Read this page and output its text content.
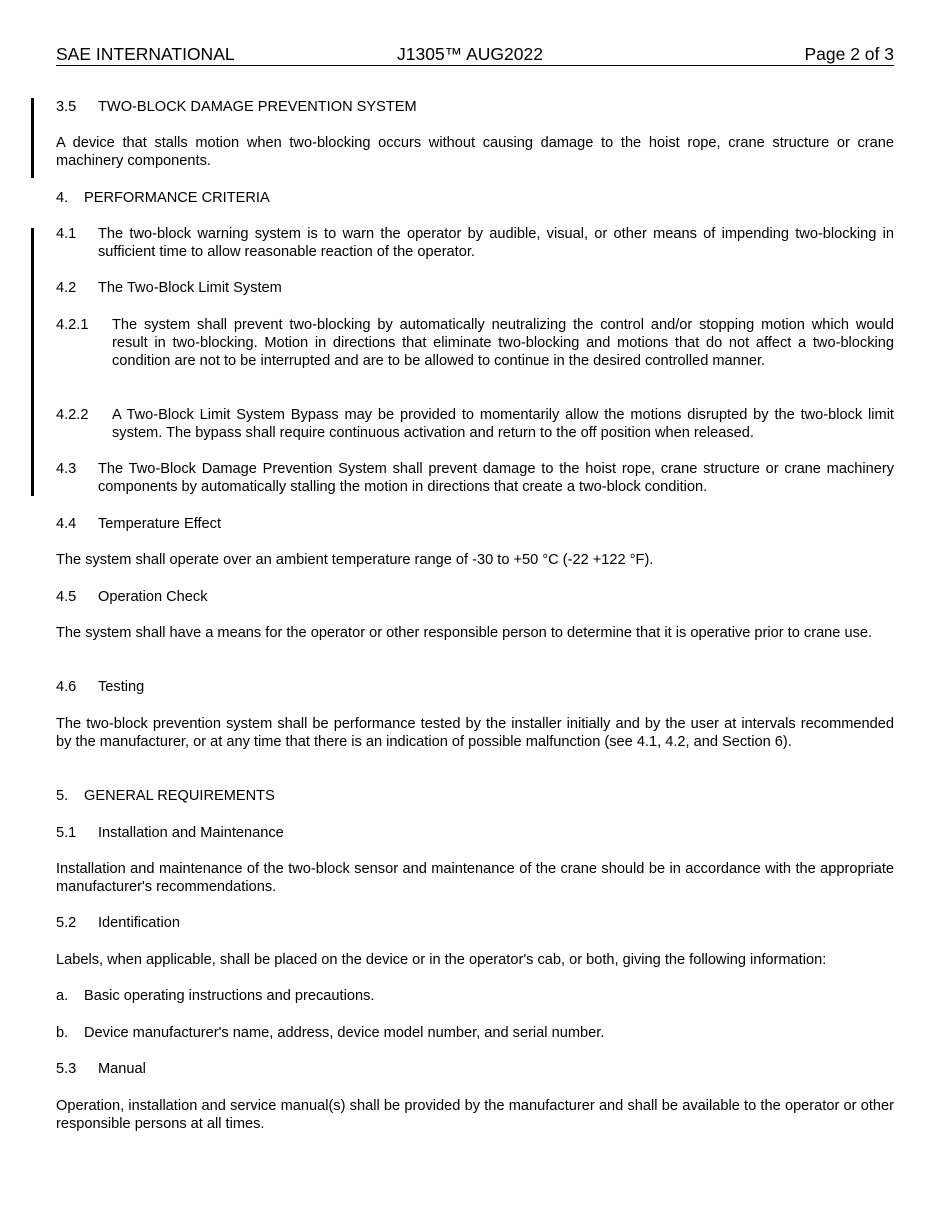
SAE INTERNATIONAL	J1305™ AUG2022	Page 2 of 3
3.5 TWO-BLOCK DAMAGE PREVENTION SYSTEM

A device that stalls motion when two-blocking occurs without causing damage to the hoist rope, crane structure or crane machinery components.

4. PERFORMANCE CRITERIA
4.1 The two-block warning system is to warn the operator by audible, visual, or other means of impending two-blocking in sufficient time to allow reasonable reaction of the operator.

4.2 The Two-Block Limit System
4.2.1 The system shall prevent two-blocking by automatically neutralizing the control and/or stopping motion which would result in two-blocking. Motion in directions that eliminate two-blocking and motions that do not affect a two-blocking condition are not to be interrupted and are to be allowed to continue in the desired controlled manner.

4.2.2 A Two-Block Limit System Bypass may be provided to momentarily allow the motions disrupted by the two-block limit system. The bypass shall require continuous activation and return to the off position when released.

4.3 The Two-Block Damage Prevention System shall prevent damage to the hoist rope, crane structure or crane machinery components by automatically stalling the motion in directions that create a two-block condition.

4.4 Temperature Effect

The system shall operate over an ambient temperature range of -30 to +50 °C (-22 +122 °F).

4.5 Operation Check

The system shall have a means for the operator or other responsible person to determine that it is operative prior to crane use.

4.6 Testing

The two-block prevention system shall be performance tested by the installer initially and by the user at intervals recommended by the manufacturer, or at any time that there is an indication of possible malfunction (see 4.1, 4.2, and Section 6).

5. GENERAL REQUIREMENTS
5.1 Installation and Maintenance

Installation and maintenance of the two-block sensor and maintenance of the crane should be in accordance with the appropriate manufacturer's recommendations.

5.2 Identification

Labels, when applicable, shall be placed on the device or in the operator's cab, or both, giving the following information:

a. Basic operating instructions and precautions.

b. Device manufacturer's name, address, device model number, and serial number.

5.3 Manual

Operation, installation and service manual(s) shall be provided by the manufacturer and shall be available to the operator or other responsible persons at all times.
